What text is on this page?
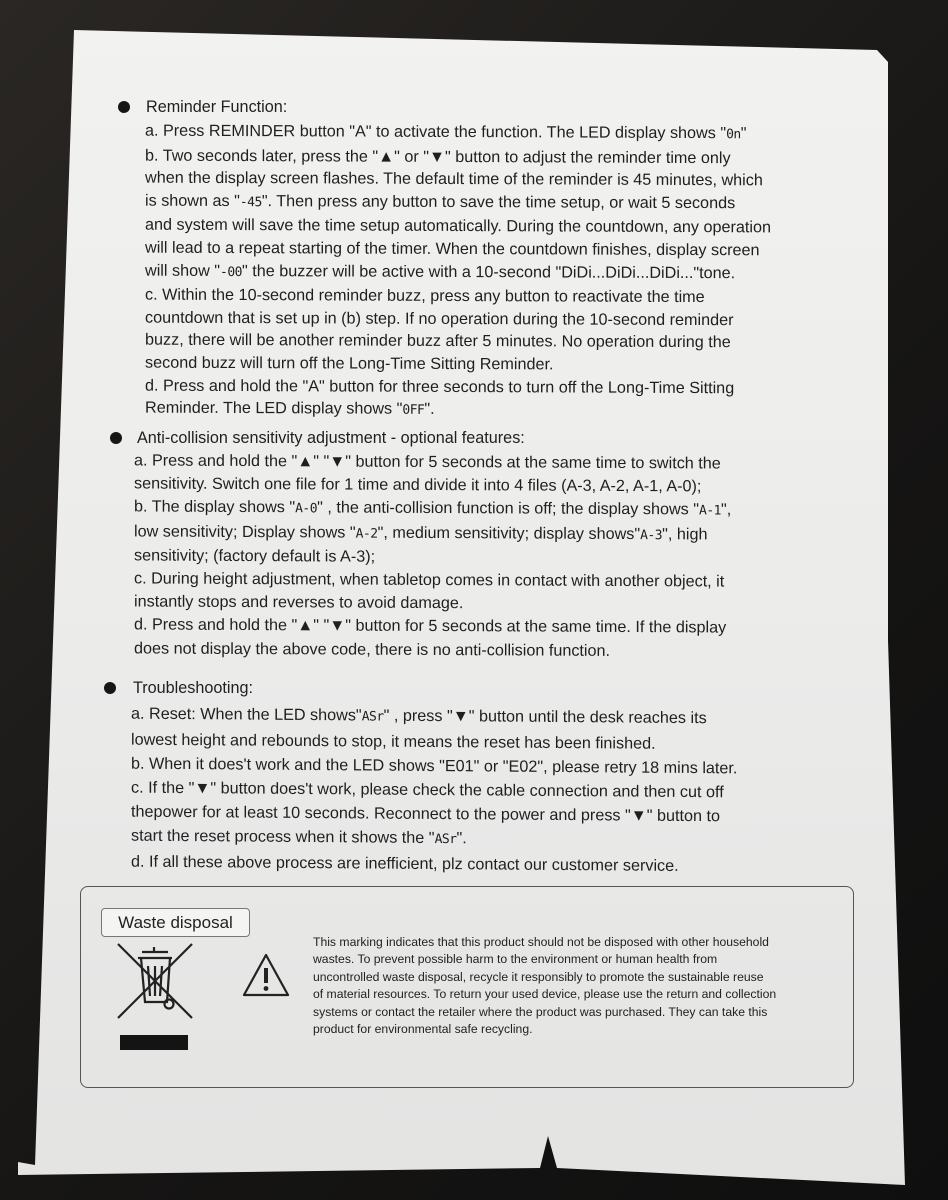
Reminder Function:
a. Press REMINDER button "A" to activate the function. The LED display shows "0n"
b. Two seconds later, press the "▲" or "▼" button to adjust the reminder time only
when the display screen flashes. The default time of the reminder is 45 minutes, which
is shown as "-45". Then press any button to save the time setup, or wait 5 seconds
and system will save the time setup automatically. During the countdown, any operation
will lead to a repeat starting of the timer. When the countdown finishes, display screen
will show "-00" the buzzer will be active with a 10-second "DiDi...DiDi...DiDi..."tone.
c. Within the 10-second reminder buzz, press any button to reactivate the time
countdown that is set up in (b) step. If no operation during the 10-second reminder
buzz, there will be another reminder buzz after 5 minutes. No operation during the
second buzz will turn off the Long-Time Sitting Reminder.
d. Press and hold the "A" button for three seconds to turn off the Long-Time Sitting
Reminder. The LED display shows "0FF".
Anti-collision sensitivity adjustment - optional features:
a. Press and hold the "▲" "▼" button for 5 seconds at the same time to switch the
sensitivity. Switch one file for 1 time and divide it into 4 files (A-3, A-2, A-1, A-0);
b. The display shows "A-0" , the anti-collision function is off; the display shows "A-1",
low sensitivity; Display shows "A-2", medium sensitivity; display shows"A-3", high
sensitivity; (factory default is A-3);
c. During height adjustment, when tabletop comes in contact with another object, it
instantly stops and reverses to avoid damage.
d. Press and hold the "▲" "▼" button for 5 seconds at the same time. If the display
does not display the above code, there is no anti-collision function.
Troubleshooting:
a. Reset: When the LED shows"ASr" , press "▼" button until the desk reaches its
lowest height and rebounds to stop, it means the reset has been finished.
b. When it does't work and the LED shows "E01" or "E02", please retry 18 mins later.
c. If the "▼" button does't work, please check the cable connection and then cut off
thepower for at least 10 seconds. Reconnect to the power and press "▼" button to
start the reset process when it shows the "ASr".
d. If all these above process are inefficient, plz contact our customer service.
Waste disposal
This marking indicates that this product should not be disposed with other household
wastes. To prevent possible harm to the environment or human health from
uncontrolled waste disposal, recycle it responsibly to promote the sustainable reuse
of material resources. To return your used device, please use the return and collection
systems or contact the retailer where the product was purchased. They can take this
product for environmental safe recycling.
